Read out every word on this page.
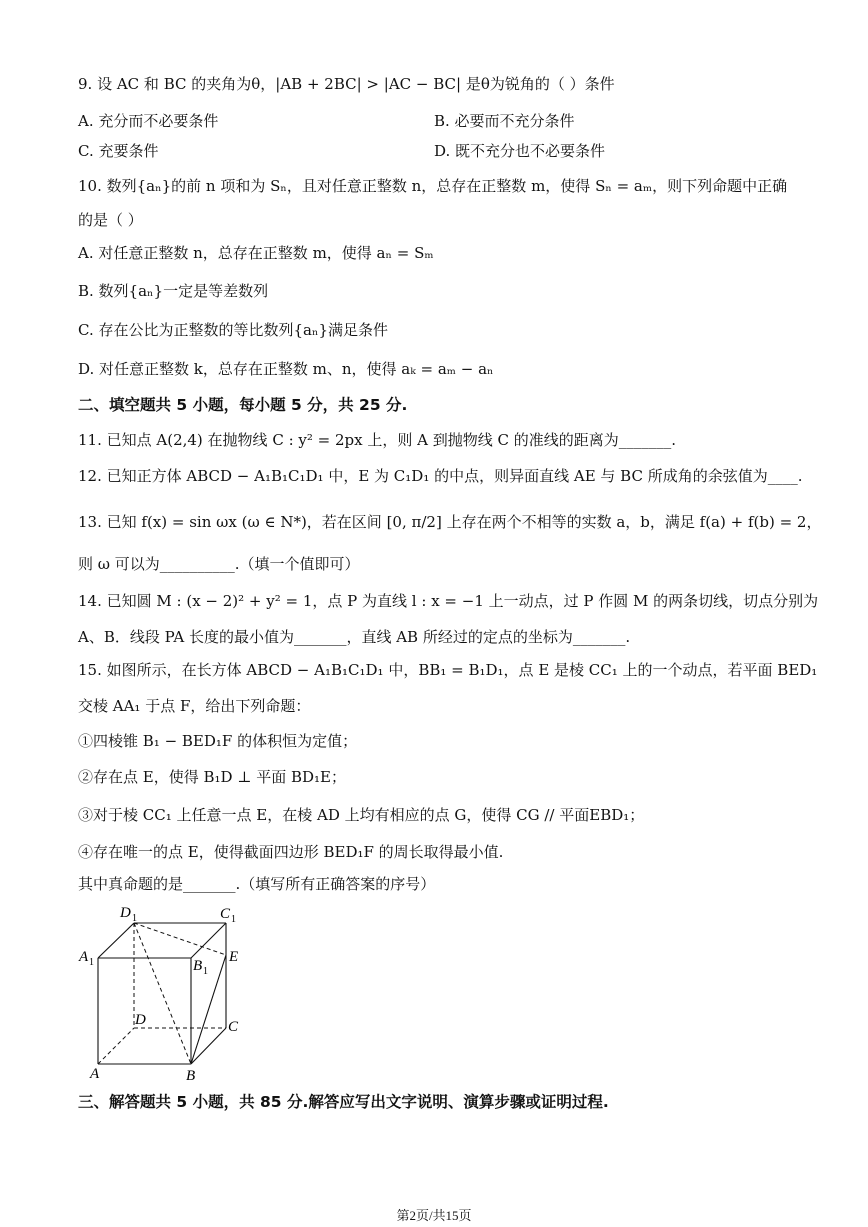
9. 设 AC 和 BC 的夹角为θ，|AB + 2BC| > |AC − BC| 是θ为锐角的（ ）条件
A. 充分而不必要条件	B. 必要而不充分条件
C. 充要条件	D. 既不充分也不必要条件
10. 数列{aₙ}的前 n 项和为 Sₙ，且对任意正整数 n，总存在正整数 m，使得 Sₙ = aₘ，则下列命题中正确
的是（ ）
A. 对任意正整数 n，总存在正整数 m，使得 aₙ = Sₘ
B. 数列{aₙ}一定是等差数列
C. 存在公比为正整数的等比数列{aₙ}满足条件
D. 对任意正整数 k，总存在正整数 m、n，使得 aₖ = aₘ − aₙ
二、填空题共 5 小题，每小题 5 分，共 25 分.
11. 已知点 A(2,4) 在抛物线 C : y² = 2px 上，则 A 到抛物线 C 的准线的距离为_______.
12. 已知正方体 ABCD − A₁B₁C₁D₁ 中，E 为 C₁D₁ 的中点，则异面直线 AE 与 BC 所成角的余弦值为____.
13. 已知 f(x) = sin ωx (ω ∈ N*)，若在区间 [0, π/2] 上存在两个不相等的实数 a，b，满足 f(a) + f(b) = 2，
则 ω 可以为__________.（填一个值即可）
14. 已知圆 M : (x − 2)² + y² = 1，点 P 为直线 l : x = −1 上一动点，过 P 作圆 M 的两条切线，切点分别为
A、B．线段 PA 长度的最小值为_______，直线 AB 所经过的定点的坐标为_______.
15. 如图所示，在长方体 ABCD − A₁B₁C₁D₁ 中，BB₁ = B₁D₁，点 E 是棱 CC₁ 上的一个动点，若平面 BED₁
交棱 AA₁ 于点 F，给出下列命题：
①四棱锥 B₁ − BED₁F 的体积恒为定值；
②存在点 E，使得 B₁D ⊥ 平面 BD₁E；
③对于棱 CC₁ 上任意一点 E，在棱 AD 上均有相应的点 G，使得 CG // 平面EBD₁；
④存在唯一的点 E，使得截面四边形 BED₁F 的周长取得最小值.
其中真命题的是_______.（填写所有正确答案的序号）
D 1	C 1
A 1	B 1
E
D	C
A	B
三、解答题共 5 小题，共 85 分.解答应写出文字说明、演算步骤或证明过程.
第2页/共15页
